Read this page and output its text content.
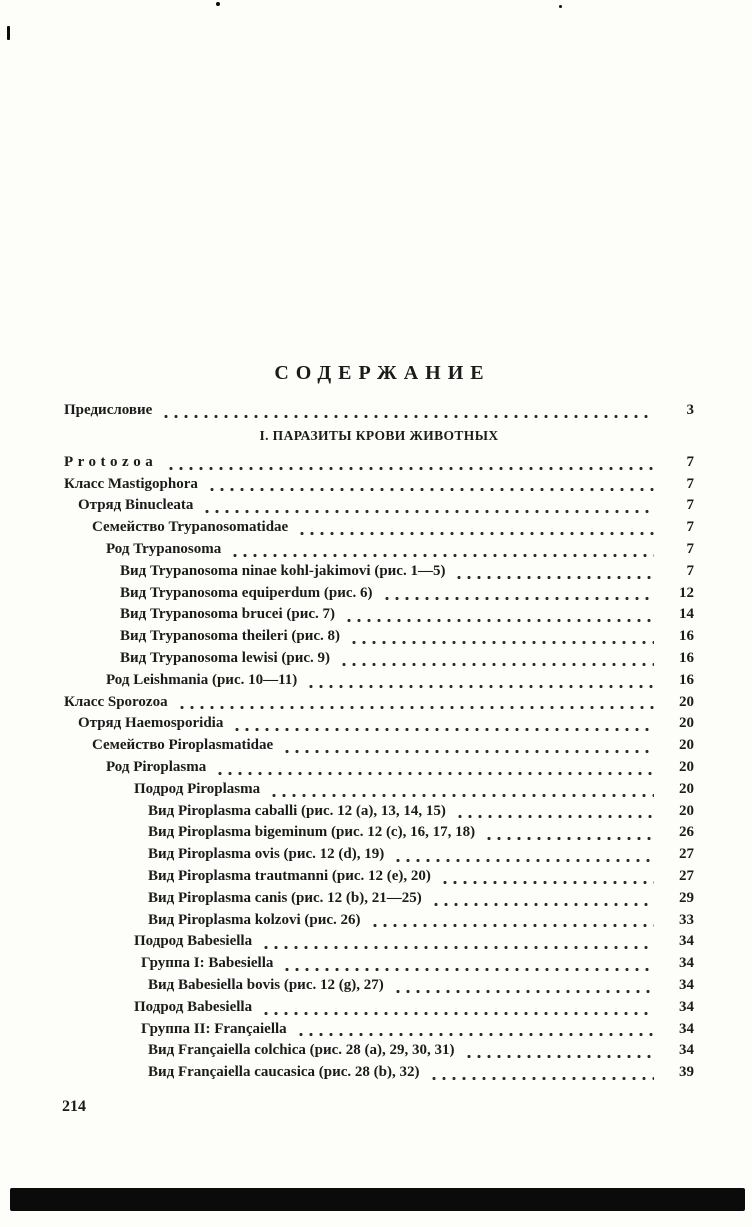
СОДЕРЖАНИЕ
Предисловие	3
I. ПАРАЗИТЫ КРОВИ ЖИВОТНЫХ
Protozoa	7
Класс Mastigophora	7
Отряд Binucleata	7
Семейство Trypanosomatidae	7
Род Trypanosoma	7
Вид Trypanosoma ninae kohl-jakimovi (рис. 1—5)	7
Вид Trypanosoma equiperdum (рис. 6)	12
Вид Trypanosoma brucei (рис. 7)	14
Вид Trypanosoma theileri (рис. 8)	16
Вид Trypanosoma lewisi (рис. 9)	16
Род Leishmania (рис. 10—11)	16
Класс Sporozoa	20
Отряд Haemosporidia	20
Семейство Piroplasmatidae	20
Род Piroplasma	20
Подрод Piroplasma	20
Вид Piroplasma caballi (рис. 12 (a), 13, 14, 15)	20
Вид Piroplasma bigeminum (рис. 12 (c), 16, 17, 18)	26
Вид Piroplasma ovis (рис. 12 (d), 19)	27
Вид Piroplasma trautmanni (рис. 12 (e), 20)	27
Вид Piroplasma canis (рис. 12 (b), 21—25)	29
Вид Piroplasma kolzovi (рис. 26)	33
Подрод Babesiella	34
Группа I: Babesiella	34
Вид Babesiella bovis (рис. 12 (g), 27)	34
Подрод Babesiella	34
Группа II: Françaiella	34
Вид Françaiella colchica (рис. 28 (a), 29, 30, 31)	34
Вид Françaiella caucasica (рис. 28 (b), 32)	39
214
